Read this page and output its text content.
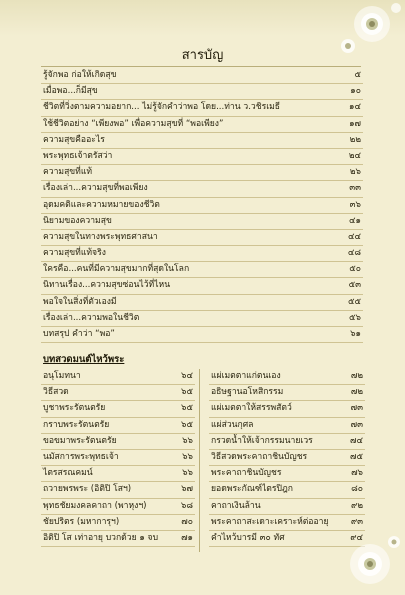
สารบัญ
รู้จักพอ ก่อให้เกิดสุข	๕
เมื่อพอ...ก็มีสุข	๑๐
ชีวิตที่วิ่งตามความอยาก... ไม่รู้จักคำว่าพอ โดย...ท่าน ว.วชิรเมธี	๑๔
ใช้ชีวิตอย่าง “เพียงพอ” เพื่อความสุขที่ “พอเพียง”	๑๗
ความสุขคืออะไร	๒๒
พระพุทธเจ้าตรัสว่า	๒๔
ความสุขที่แท้	๒๖
เรื่องเล่า...ความสุขที่พอเพียง	๓๓
อุดมคติและความหมายของชีวิต	๓๖
นิยามของความสุข	๔๑
ความสุขในทางพระพุทธศาสนา	๔๔
ความสุขที่แท้จริง	๔๘
ใครคือ...คนที่มีความสุขมากที่สุดในโลก	๕๐
นิทานเรื่อง...ความสุขซ่อนไว้ที่ไหน	๕๓
พอใจในสิ่งที่ตัวเองมี	๕๕
เรื่องเล่า...ความพอในชีวิต	๕๖
บทสรุป คำว่า “พอ”	๖๑
บทสวดมนต์ไหว้พระ
อนุโมทนา	๖๔
วิธีสวด	๖๕
บูชาพระรัตนตรัย	๖๕
กราบพระรัตนตรัย	๖๕
ขอขมาพระรัตนตรัย	๖๖
นมัสการพระพุทธเจ้า	๖๖
ไตรสรณคมน์	๖๖
ถวายพรพระ (อิติปิ โสฯ)	๖๗
พุทธชัยมงคลคาถา (พาหุงฯ)	๖๘
ชัยปริตร (มหาการุฯ)	๗๐
อิติปิ โส เท่าอายุ บวกด้วย ๑ จบ	๗๑
แผ่เมตตาแก่ตนเอง	๗๒
อธิษฐานอโหสิกรรม	๗๒
แผ่เมตตาให้สรรพสัตว์	๗๓
แผ่ส่วนกุศล	๗๓
กรวดน้ำให้เจ้ากรรมนายเวร	๗๔
วิธีสวดพระคาถาชินบัญชร	๗๕
พระคาถาชินบัญชร	๗๖
ยอดพระกัณฑ์ไตรปิฎก	๘๐
คาถาเงินล้าน	๙๒
พระคาถาสะเดาะเคราะห์ต่ออายุ	๙๓
คำไหว้บารมี ๓๐ ทัศ	๙๔
